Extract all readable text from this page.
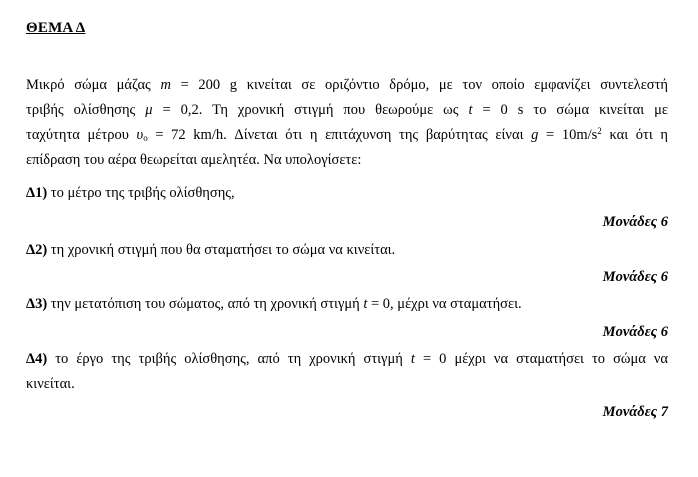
ΘΕΜΑ Δ
Μικρό σώμα μάζας m = 200 g κινείται σε οριζόντιο δρόμο, με τον οποίο εμφανίζει συντελεστή
τριβής ολίσθησης μ = 0,2. Τη χρονική στιγμή που θεωρούμε ως t = 0 s το σώμα κινείται με
ταχύτητα μέτρου $\upsilon_o = 72$ km/h. Δίνεται ότι η επιτάχυνση της βαρύτητας είναι $g = 10m/s^2$ και ότι η
επίδραση του αέρα θεωρείται αμελητέα. Να υπολογίσετε:
Δ1) το μέτρο της τριβής ολίσθησης,
Μονάδες 6
Δ2) τη χρονική στιγμή που θα σταματήσει το σώμα να κινείται.
Μονάδες 6
Δ3) την μετατόπιση του σώματος, από τη χρονική στιγμή t = 0, μέχρι να σταματήσει.
Μονάδες 6
Δ4) το έργο της τριβής ολίσθησης, από τη χρονική στιγμή t = 0 μέχρι να σταματήσει το σώμα να
κινείται.
Μονάδες 7
